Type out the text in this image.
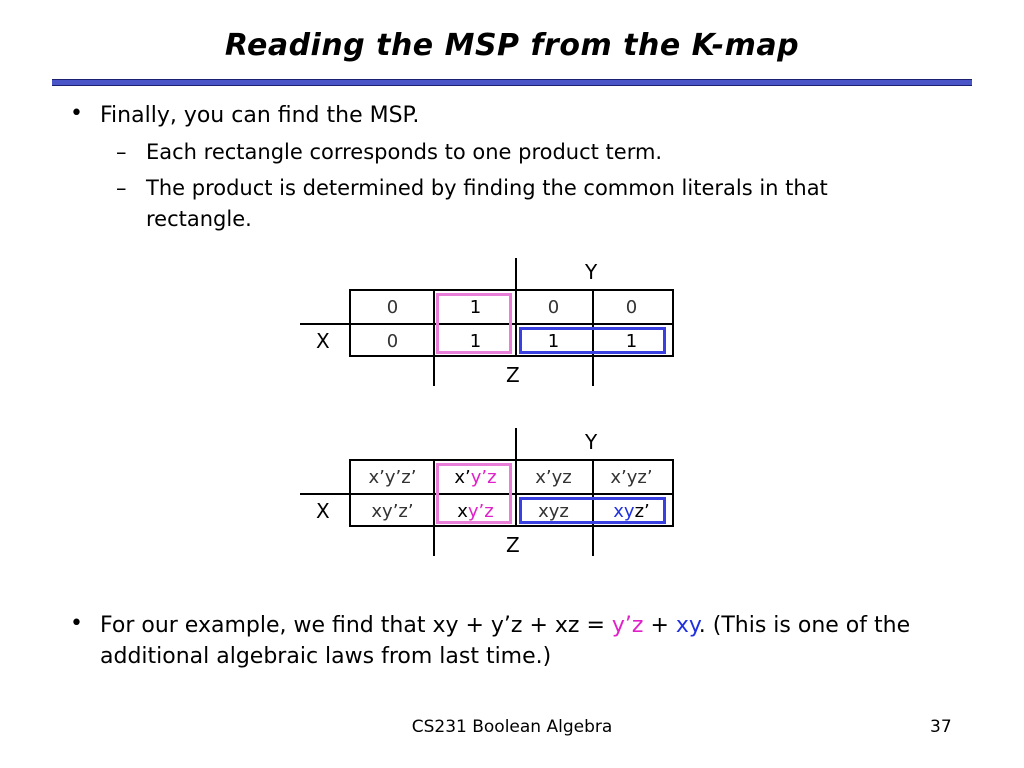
Reading the MSP from the K-map
• Finally, you can find the MSP.
– Each rectangle corresponds to one product term.
– The product is determined by finding the common literals in that
rectangle.
Y
X
Z
0	1	0	0
0	1	1	1
Y
X
Z
x’y’z’	x’ y’z	x’yz	x’yz’
xy’z’	x y’z	xyz	xy z’
• For our example, we find that xy + y’z + xz = y’z + xy. (This is one of the
additional algebraic laws from last time.)
CS231 Boolean Algebra	37
